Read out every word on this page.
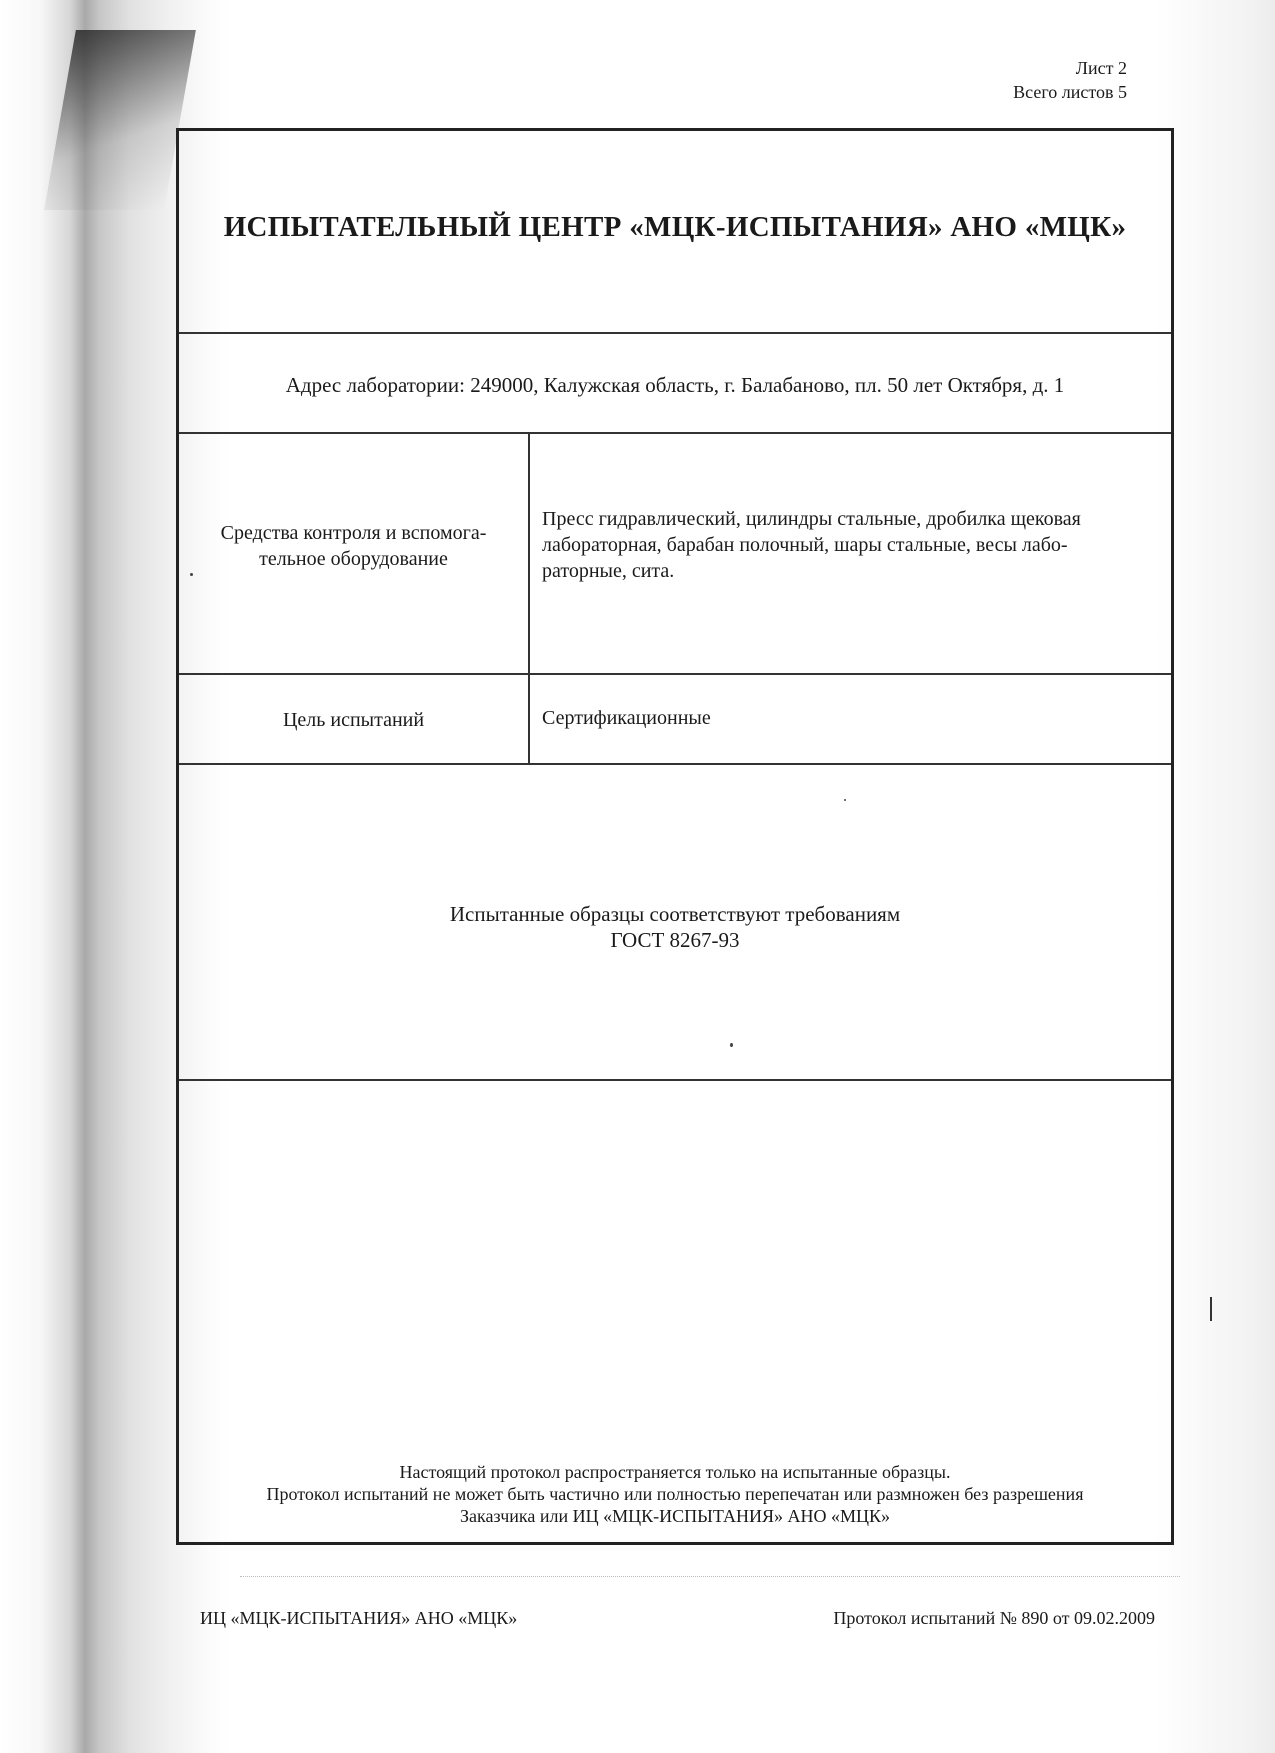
Лист 2
Всего листов 5
ИСПЫТАТЕЛЬНЫЙ ЦЕНТР «МЦК-ИСПЫТАНИЯ» АНО «МЦК»
Адрес лаборатории: 249000, Калужская область, г. Балабаново, пл. 50 лет Октября, д. 1
Средства контроля и вспомога-
тельное оборудование
Пресс гидравлический, цилиндры стальные, дробилка щековая
лабораторная, барабан полочный, шары стальные, весы лабо-
раторные, сита.
Цель испытаний	Сертификационные
Испытанные образцы соответствуют требованиям
ГОСТ 8267-93
Настоящий протокол распространяется только на испытанные образцы.
Протокол испытаний не может быть частично или полностью перепечатан или размножен без разрешения
Заказчика или ИЦ «МЦК-ИСПЫТАНИЯ» АНО «МЦК»
ИЦ «МЦК-ИСПЫТАНИЯ» АНО «МЦК»	Протокол испытаний № 890 от 09.02.2009
